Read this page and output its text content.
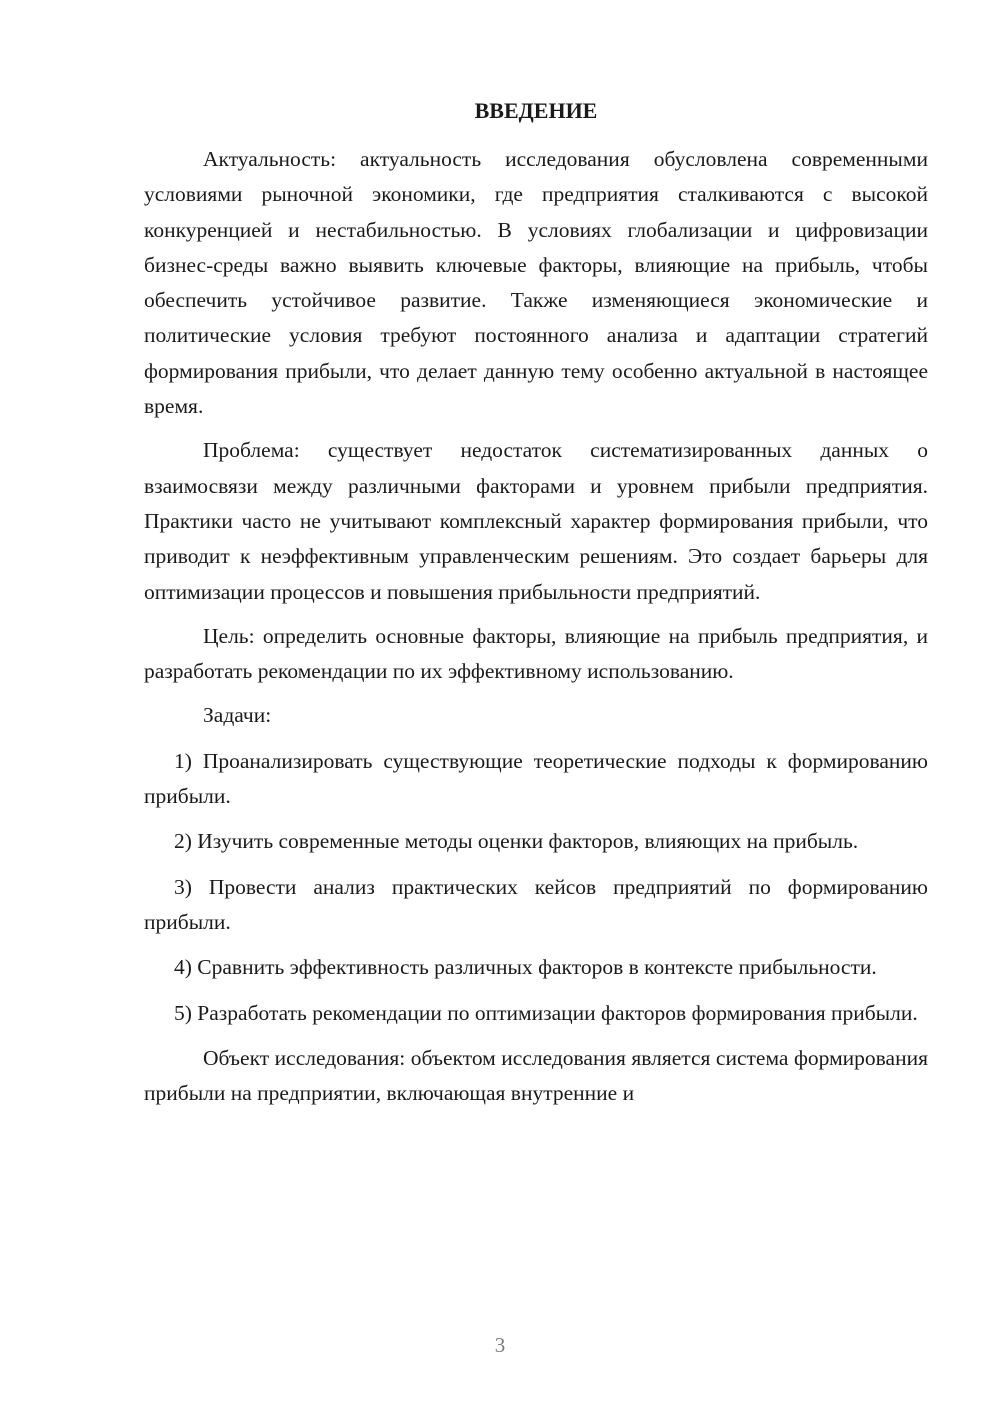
ВВЕДЕНИЕ

Актуальность: актуальность исследования обусловлена современными условиями рыночной экономики, где предприятия сталкиваются с высокой конкуренцией и нестабильностью. В условиях глобализации и цифровизации бизнес-среды важно выявить ключевые факторы, влияющие на прибыль, чтобы обеспечить устойчивое развитие. Также изменяющиеся экономические и политические условия требуют постоянного анализа и адаптации стратегий формирования прибыли, что делает данную тему особенно актуальной в настоящее время.

Проблема: существует недостаток систематизированных данных о взаимосвязи между различными факторами и уровнем прибыли предприятия. Практики часто не учитывают комплексный характер формирования прибыли, что приводит к неэффективным управленческим решениям. Это создает барьеры для оптимизации процессов и повышения прибыльности предприятий.

Цель: определить основные факторы, влияющие на прибыль предприятия, и разработать рекомендации по их эффективному использованию.

Задачи:

1) Проанализировать существующие теоретические подходы к формированию прибыли.

2) Изучить современные методы оценки факторов, влияющих на прибыль.

3) Провести анализ практических кейсов предприятий по формированию прибыли.

4) Сравнить эффективность различных факторов в контексте прибыльности.

5) Разработать рекомендации по оптимизации факторов формирования прибыли.

Объект исследования: объектом исследования является система формирования прибыли на предприятии, включающая внутренние и

3
